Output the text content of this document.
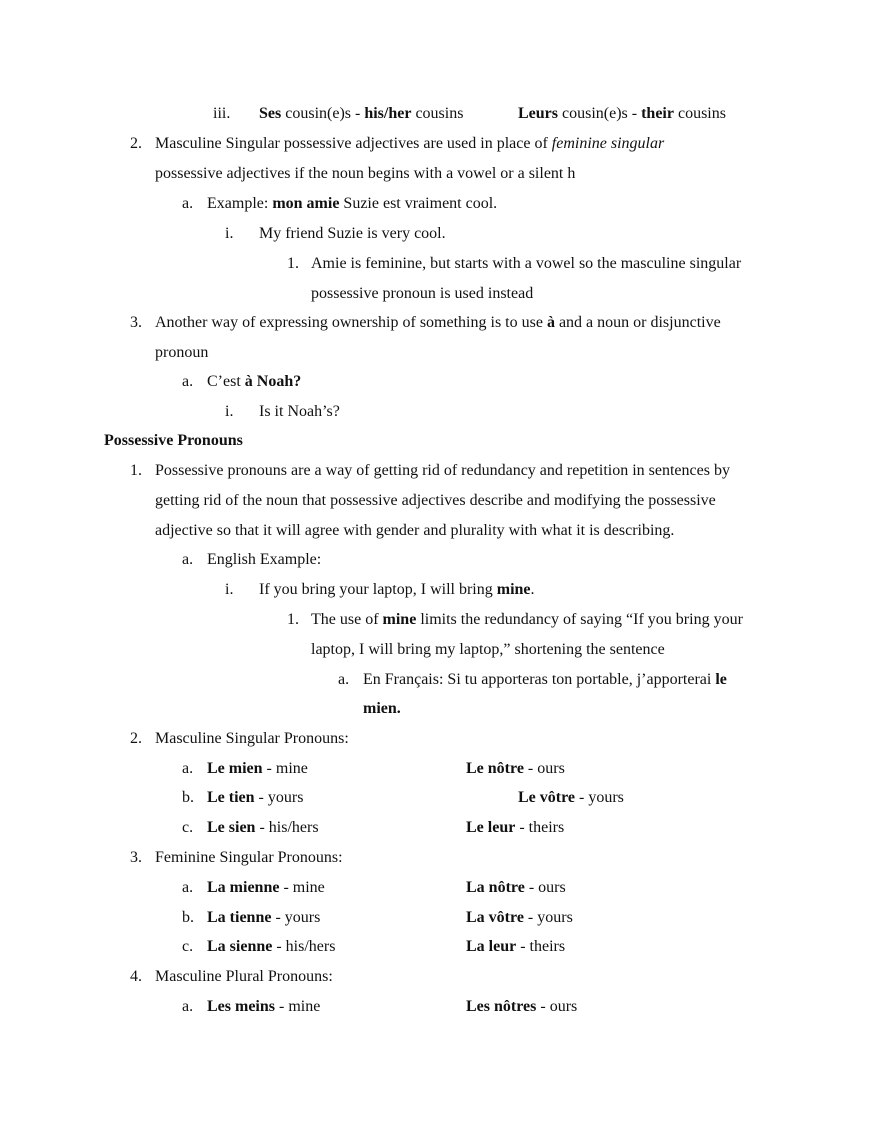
iii. Ses cousin(e)s - his/her cousins	Leurs cousin(e)s - their cousins
2. Masculine Singular possessive adjectives are used in place of feminine singular
possessive adjectives if the noun begins with a vowel or a silent h
a. Example: mon amie Suzie est vraiment cool.
i. My friend Suzie is very cool.
1. Amie is feminine, but starts with a vowel so the masculine singular
possessive pronoun is used instead
3. Another way of expressing ownership of something is to use à and a noun or disjunctive
pronoun
a. C’est à Noah?
i. Is it Noah’s?
Possessive Pronouns
1. Possessive pronouns are a way of getting rid of redundancy and repetition in sentences by
getting rid of the noun that possessive adjectives describe and modifying the possessive
adjective so that it will agree with gender and plurality with what it is describing.
a. English Example:
i. If you bring your laptop, I will bring mine.
1. The use of mine limits the redundancy of saying “If you bring your
laptop, I will bring my laptop,” shortening the sentence
a. En Français: Si tu apporteras ton portable, j’apporterai le
mien.
2. Masculine Singular Pronouns:
a. Le mien - mine	Le nôtre - ours
b. Le tien - yours	Le vôtre - yours
c. Le sien - his/hers	Le leur - theirs
3. Feminine Singular Pronouns:
a. La mienne - mine	La nôtre - ours
b. La tienne - yours	La vôtre - yours
c. La sienne - his/hers	La leur - theirs
4. Masculine Plural Pronouns:
a. Les meins - mine	Les nôtres - ours
